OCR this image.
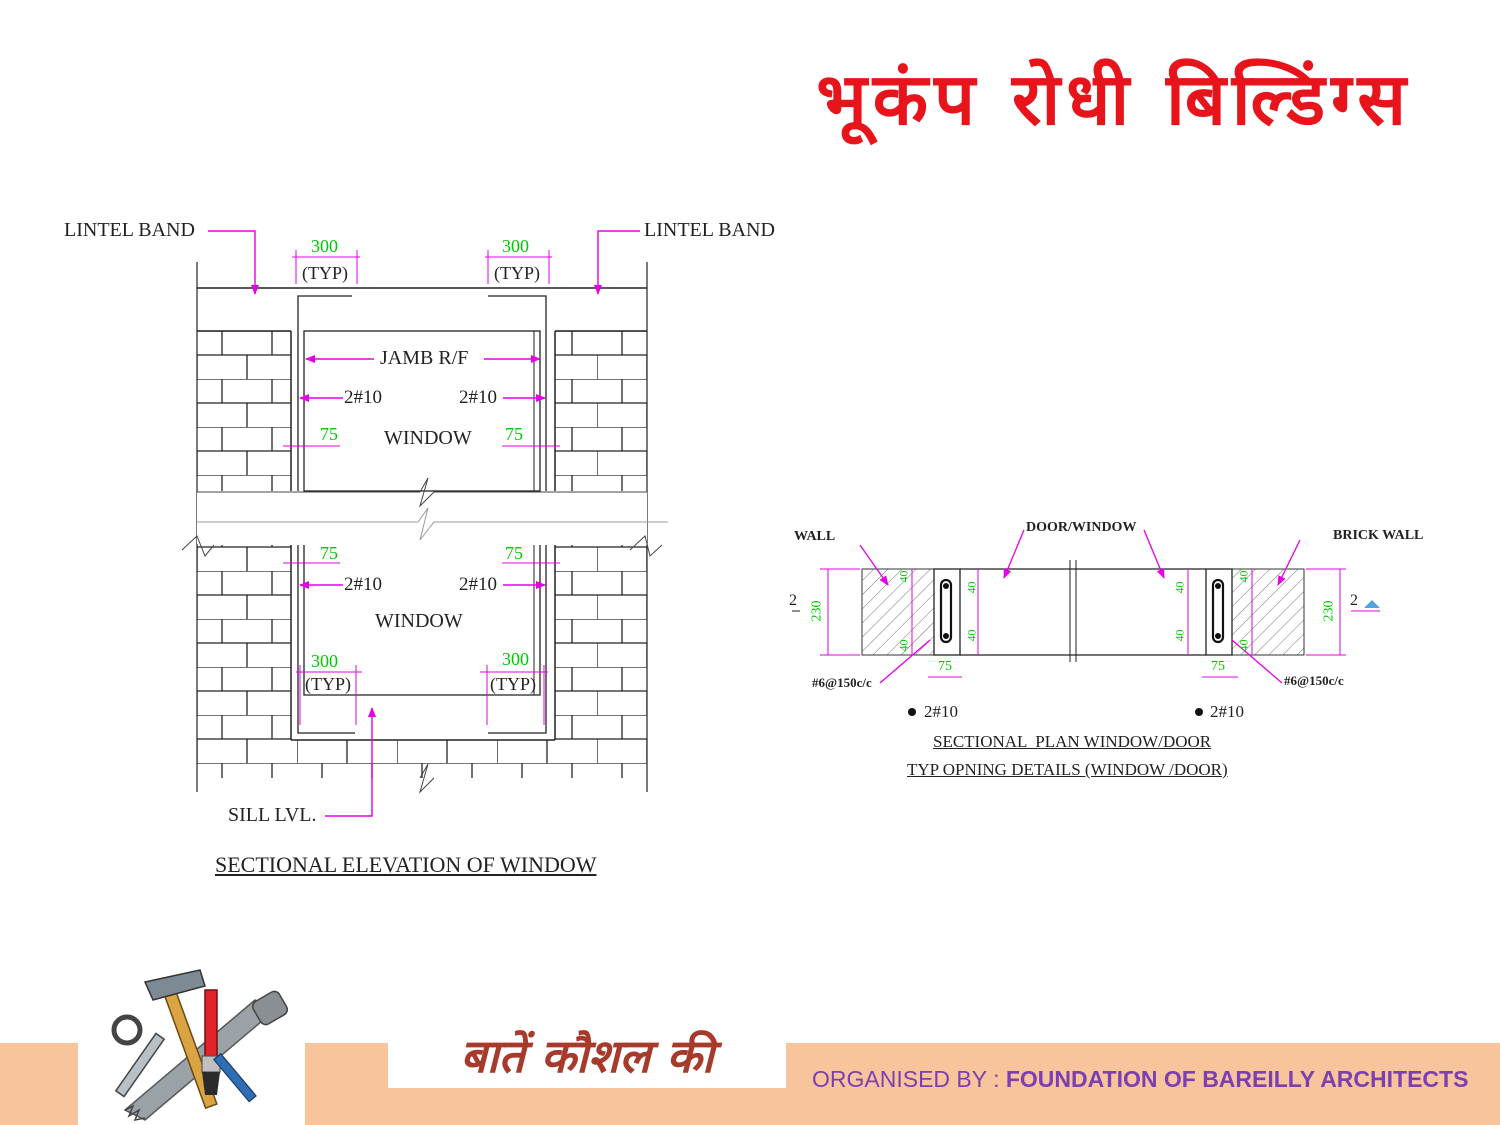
भूकंप रोधी बिल्डिंग्स
LINTEL BAND	LINTEL BAND
300	300
(TYP)	(TYP)
JAMB R/F
2#10	2#10
75	75
WINDOW
75	75
2#10	2#10
WINDOW
300	300
(TYP)	(TYP)
SILL LVL.
SECTIONAL ELEVATION OF WINDOW
WALL
DOOR/WINDOW
BRICK WALL
230	230
40
40
40
40
40
40
40
40
75	75
#6@150c/c	#6@150c/c
2#10	2#10
2	2
SECTIONAL  PLAN WINDOW/DOOR
TYP OPNING DETAILS (WINDOW /DOOR)
बातें कौशल की	ORGANISED BY : FOUNDATION OF BAREILLY ARCHITECTS
